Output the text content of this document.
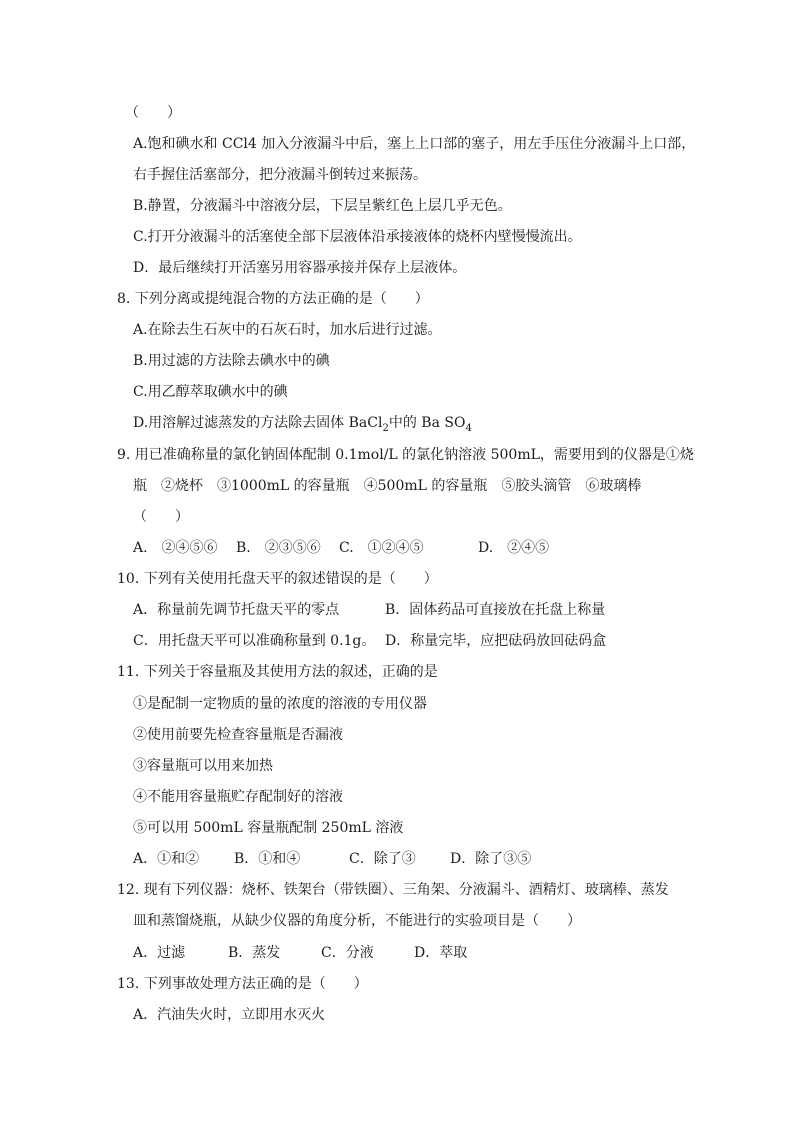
（　　）
A.饱和碘水和 CCl4 加入分液漏斗中后，塞上上口部的塞子，用左手压住分液漏斗上口部，
右手握住活塞部分，把分液漏斗倒转过来振荡。
B.静置，分液漏斗中溶液分层，下层呈紫红色上层几乎无色。
C.打开分液漏斗的活塞使全部下层液体沿承接液体的烧杯内壁慢慢流出。
D．最后继续打开活塞另用容器承接并保存上层液体。
8. 下列分离或提纯混合物的方法正确的是（　　）
A.在除去生石灰中的石灰石时，加水后进行过滤。
B.用过滤的方法除去碘水中的碘
C.用乙醇萃取碘水中的碘
D.用溶解过滤蒸发的方法除去固体 BaCl$_2$中的 Ba $SO_4$
9. 用已准确称量的氯化钠固体配制 0.1mol/L 的氯化钠溶液 500mL，需要用到的仪器是①烧
瓶　②烧杯　③1000mL 的容量瓶　④500mL 的容量瓶　⑤胶头滴管　⑥玻璃棒
（　　）
A.　②④⑤⑥ B.　②③⑤⑥ C.　①②④⑤	D.　②④⑤
10. 下列有关使用托盘天平的叙述错误的是（　　）
A．称量前先调节托盘天平的零点	B．固体药品可直接放在托盘上称量
C．用托盘天平可以准确称量到 0.1g。 D．称量完毕，应把砝码放回砝码盒
11. 下列关于容量瓶及其使用方法的叙述，正确的是
①是配制一定物质的量的浓度的溶液的专用仪器
②使用前要先检查容量瓶是否漏液
③容量瓶可以用来加热
④不能用容量瓶贮存配制好的溶液
⑤可以用 500mL 容量瓶配制 250mL 溶液
A．①和② B．①和④	C．除了③ D．除了③⑤
12. 现有下列仪器：烧杯、铁架台（带铁圈）、三角架、分液漏斗、酒精灯、玻璃棒、蒸发
皿和蒸馏烧瓶，从缺少仪器的角度分析，不能进行的实验项目是（　　）
A．过滤	B．蒸发	C．分液	D．萃取
13. 下列事故处理方法正确的是（　　）
A．汽油失火时，立即用水灭火
